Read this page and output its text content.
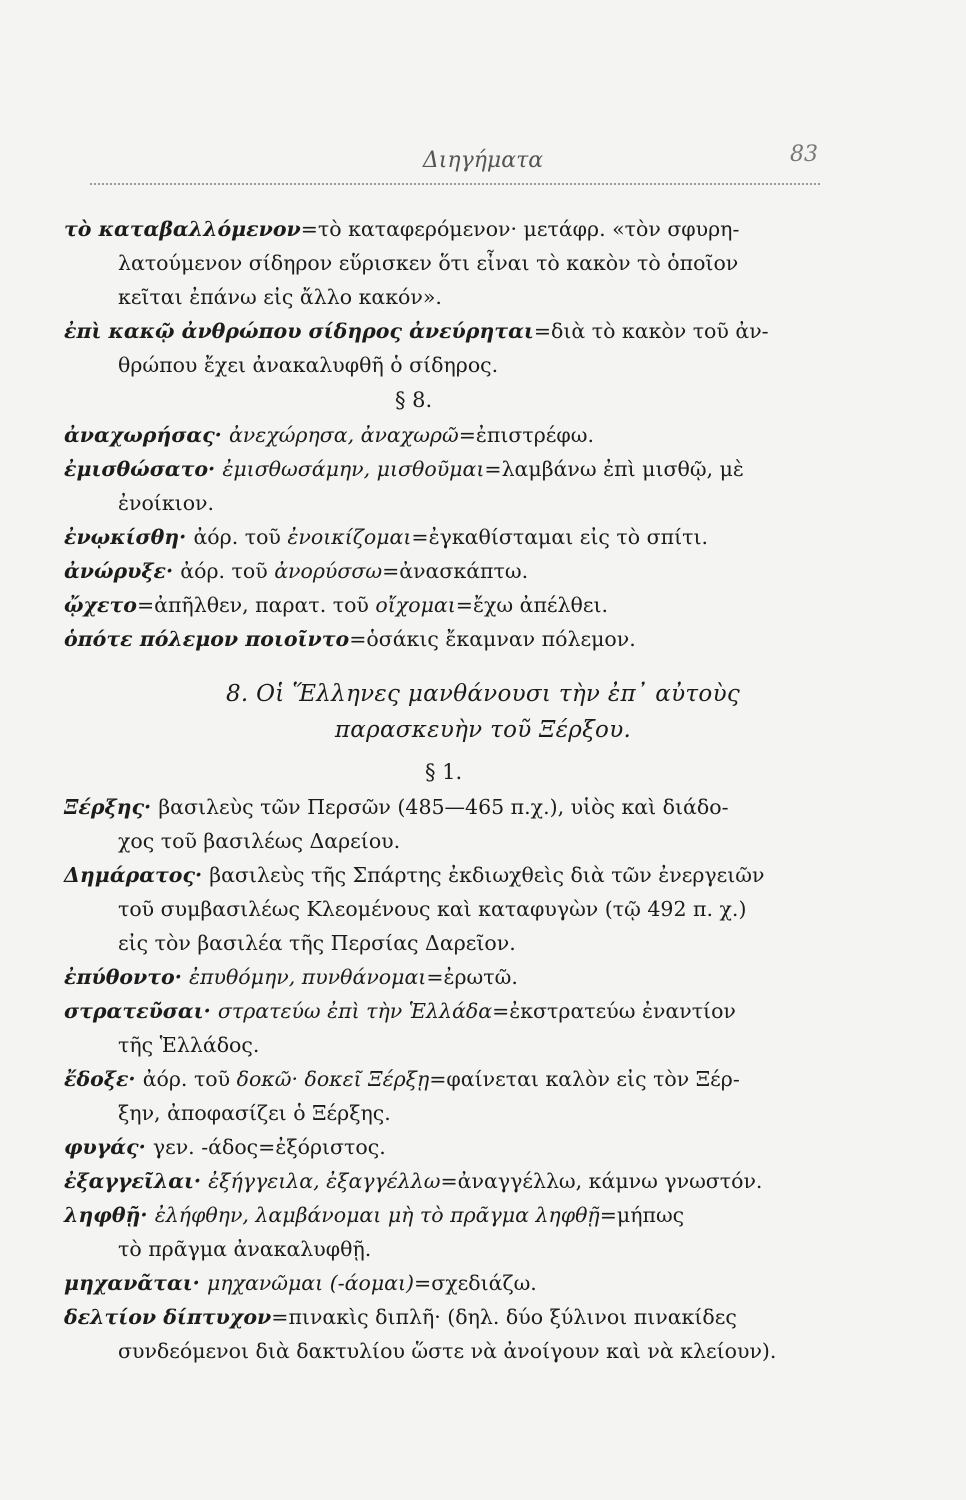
Διηγήματα	83
τὸ καταβαλλόμενον=τὸ καταφερόμενον· μετάφρ. «τὸν σφυρη-
λατούμενον σίδηρον εὕρισκεν ὅτι εἶναι τὸ κακὸν τὸ ὁποῖον
κεῖται ἐπάνω εἰς ἄλλο κακόν».
ἐπὶ κακῷ ἀνθρώπου σίδηρος ἀνεύρηται=διὰ τὸ κακὸν τοῦ ἀν-
θρώπου ἔχει ἀνακαλυφθῆ ὁ σίδηρος.
§ 8.
ἀναχωρήσας· ἀνεχώρησα, ἀναχωρῶ=ἐπιστρέφω.
ἐμισθώσατο· ἐμισθωσάμην, μισθοῦμαι=λαμβάνω ἐπὶ μισθῷ, μὲ
ἐνοίκιον.
ἐνῳκίσθη· ἀόρ. τοῦ ἐνοικίζομαι=ἐγκαθίσταμαι εἰς τὸ σπίτι.
ἀνώρυξε· ἀόρ. τοῦ ἀνορύσσω=ἀνασκάπτω.
ᾤχετο=ἀπῆλθεν, παρατ. τοῦ οἴχομαι=ἔχω ἀπέλθει.
ὁπότε πόλεμον ποιοῖντο=ὁσάκις ἔκαμναν πόλεμον.
8. Οἱ Ἕλληνες μανθάνουσι τὴν ἐπ᾿ αὐτοὺς
παρασκευὴν τοῦ Ξέρξου.
§ 1.
Ξέρξης· βασιλεὺς τῶν Περσῶν (485—465 π.χ.), υἱὸς καὶ διάδο-
χος τοῦ βασιλέως Δαρείου.
Δημάρατος· βασιλεὺς τῆς Σπάρτης ἐκδιωχθεὶς διὰ τῶν ἐνεργειῶν
τοῦ συμβασιλέως Κλεομένους καὶ καταφυγὼν (τῷ 492 π. χ.)
εἰς τὸν βασιλέα τῆς Περσίας Δαρεῖον.
ἐπύθοντο· ἐπυθόμην, πυνθάνομαι=ἐρωτῶ.
στρατεῦσαι· στρατεύω ἐπὶ τὴν Ἑλλάδα=ἐκστρατεύω ἐναντίον
τῆς Ἑλλάδος.
ἔδοξε· ἀόρ. τοῦ δοκῶ· δοκεῖ Ξέρξῃ=φαίνεται καλὸν εἰς τὸν Ξέρ-
ξην, ἀποφασίζει ὁ Ξέρξης.
φυγάς· γεν. -άδος=ἐξόριστος.
ἐξαγγεῖλαι· ἐξήγγειλα, ἐξαγγέλλω=ἀναγγέλλω, κάμνω γνωστόν.
ληφθῇ· ἐλήφθην, λαμβάνομαι μὴ τὸ πρᾶγμα ληφθῇ=μήπως
τὸ πρᾶγμα ἀνακαλυφθῇ.
μηχανᾶται· μηχανῶμαι (-άομαι)=σχεδιάζω.
δελτίον δίπτυχον=πινακὶς διπλῆ· (δηλ. δύο ξύλινοι πινακίδες
συνδεόμενοι διὰ δακτυλίου ὥστε νὰ ἀνοίγουν καὶ νὰ κλείουν).
